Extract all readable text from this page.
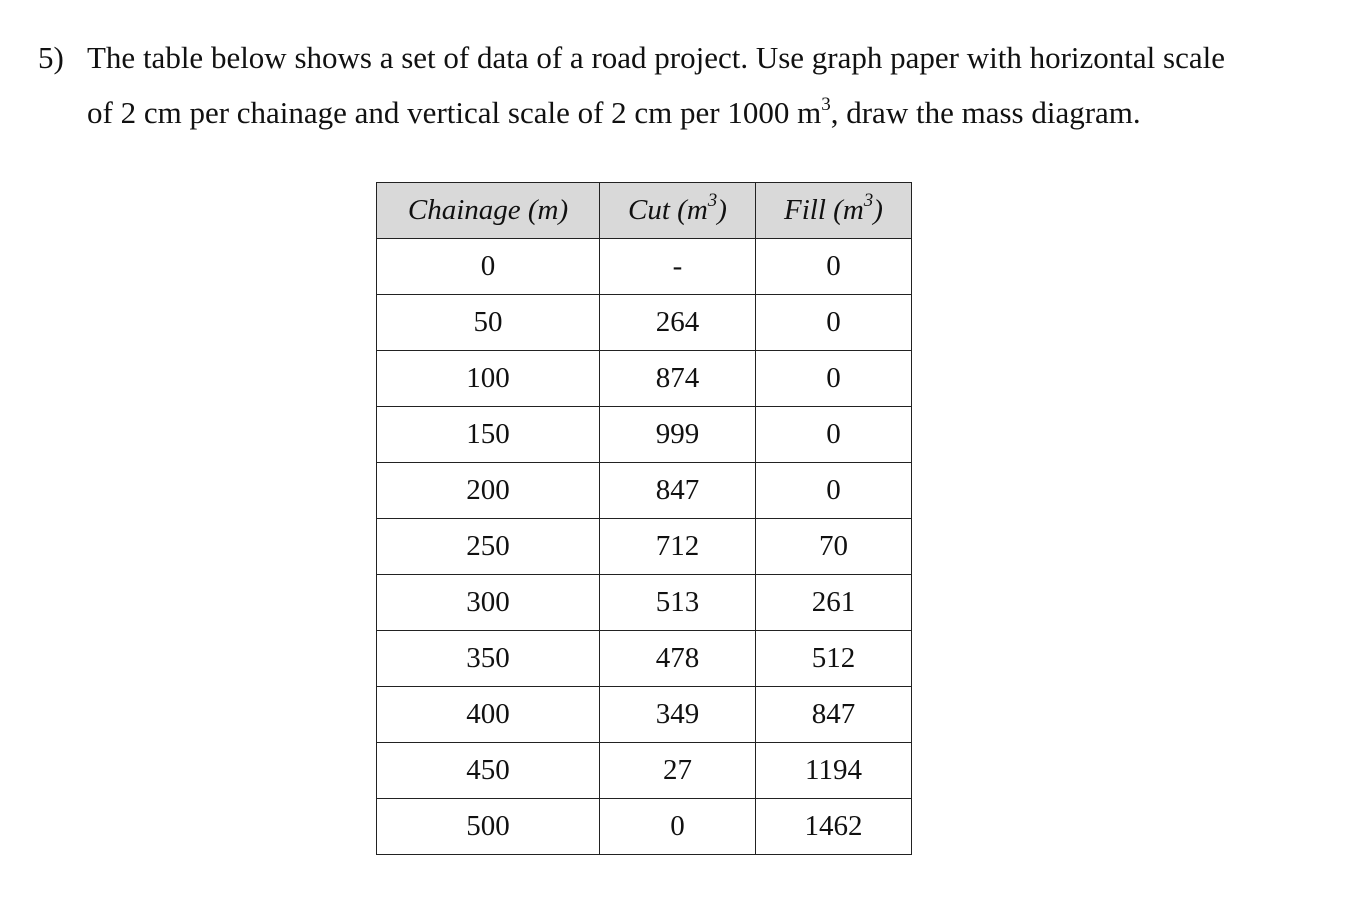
5) The table below shows a set of data of a road project. Use graph paper with horizontal scale
of 2 cm per chainage and vertical scale of 2 cm per 1000 $m^3$, draw the mass diagram.
Chainage (m)	Cut $(m^3)$	Fill $(m^3)$
0	-	0
50	264	0
100	874	0
150	999	0
200	847	0
250	712	70
300	513	261
350	478	512
400	349	847
450	27	1194
500	0	1462
